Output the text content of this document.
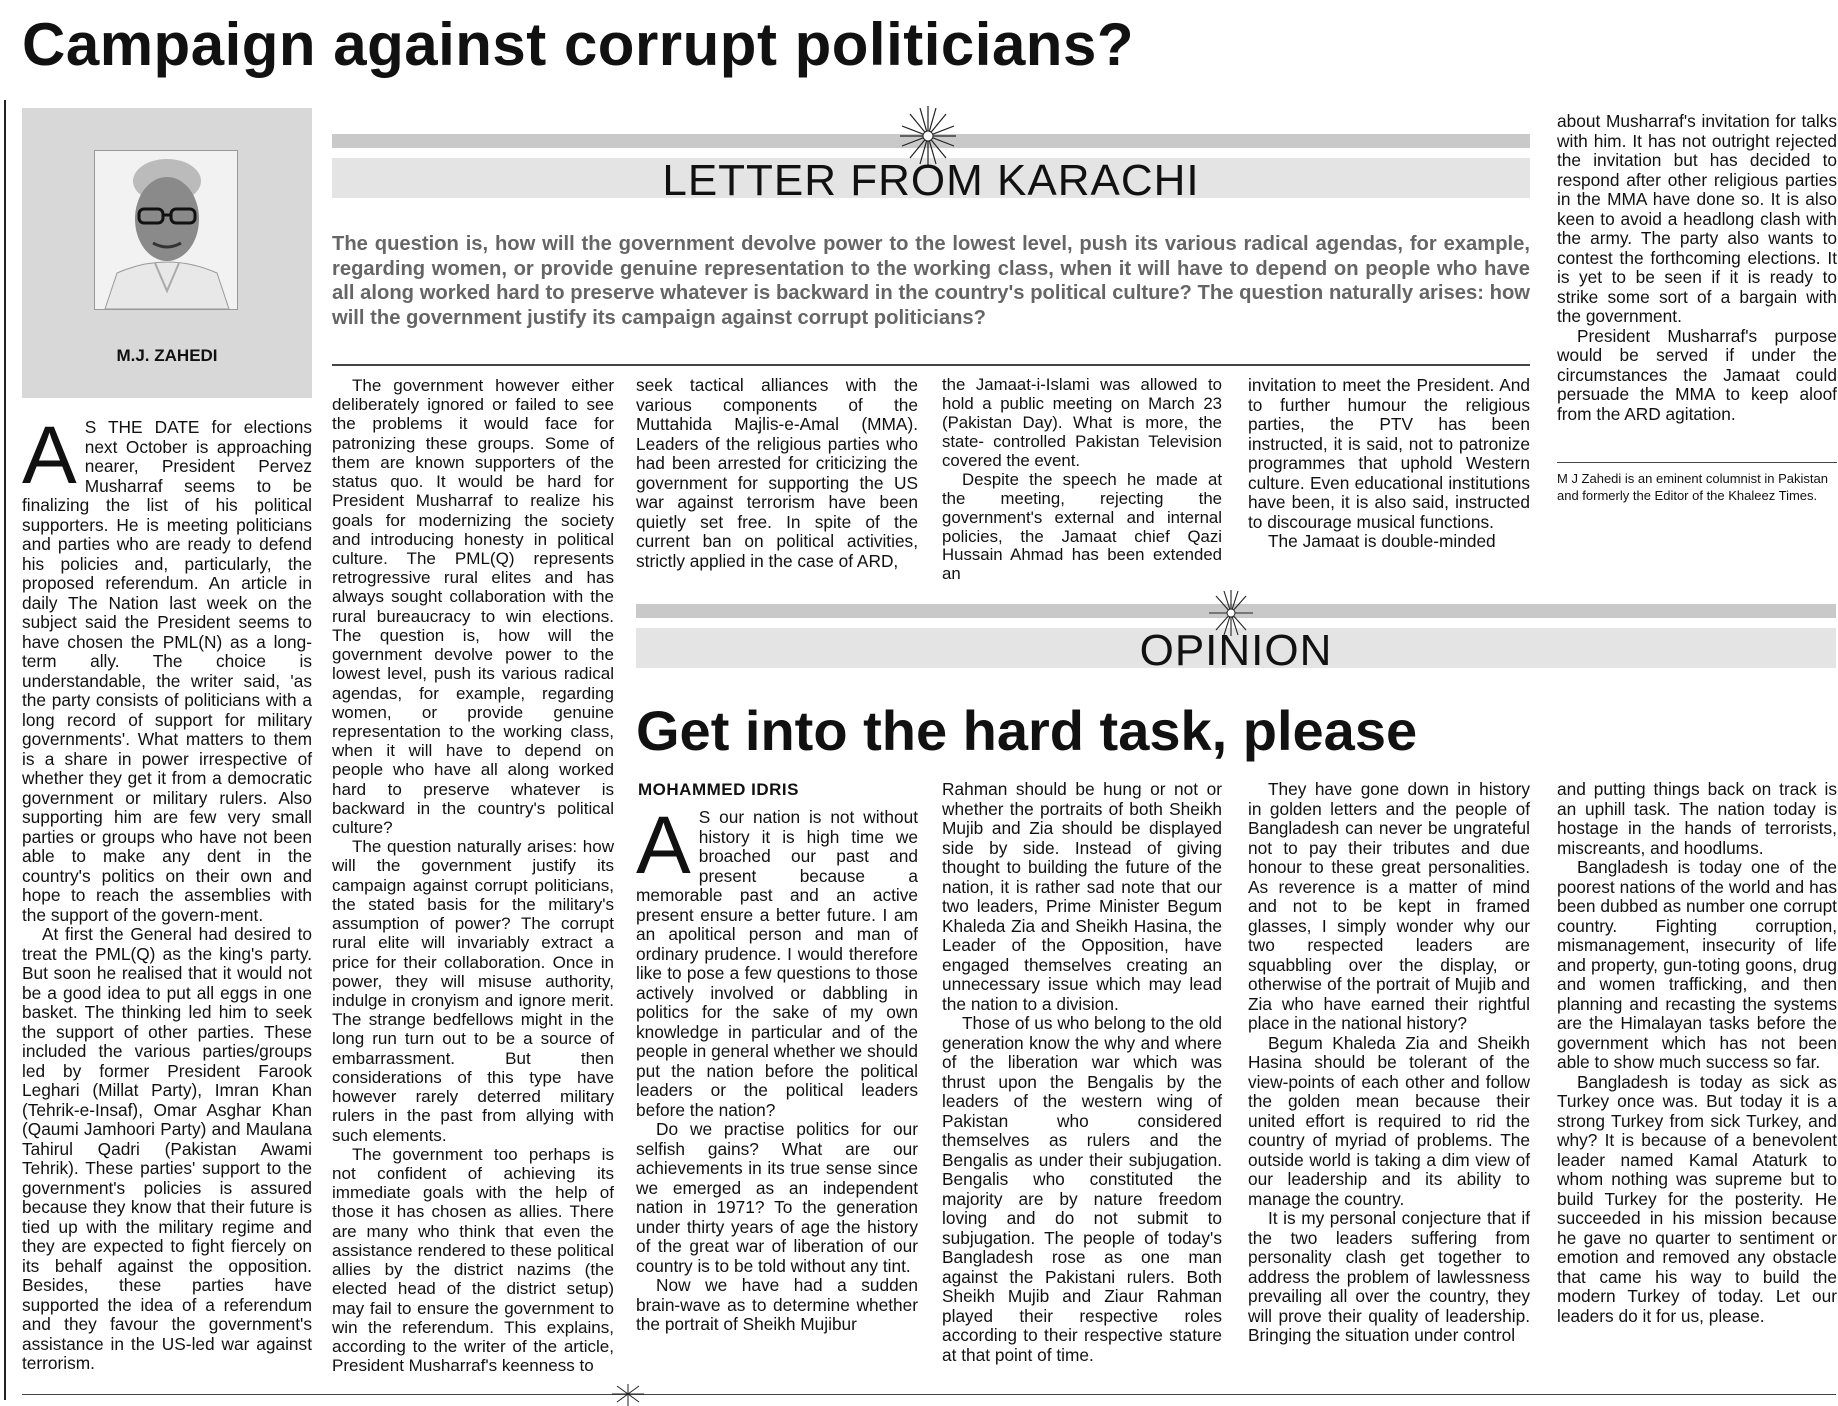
Campaign against corrupt politicians?
M.J. ZAHEDI
LETTER FROM KARACHI
The question is, how will the government devolve power to the lowest level, push its various radical agendas, for example, regarding women, or provide genuine representation to the working class, when it will have to depend on people who have all along worked hard to preserve whatever is backward in the country's political culture? The question naturally arises: how will the government justify its campaign against corrupt politicians?

A S THE DATE for elections next October is approaching nearer, President Pervez Musharraf seems to be finalizing the list of his political supporters. He is meeting politicians and parties who are ready to defend his policies and, particularly, the proposed referendum. An article in daily The Nation last week on the subject said the President seems to have chosen the PML(N) as a long-term ally. The choice is understandable, the writer said, 'as the party consists of politicians with a long record of support for military governments'. What matters to them is a share in power irrespective of whether they get it from a democratic government or military rulers. Also supporting him are few very small parties or groups who have not been able to make any dent in the country's politics on their own and hope to reach the assemblies with the support of the govern-ment.

At first the General had desired to treat the PML(Q) as the king's party. But soon he realised that it would not be a good idea to put all eggs in one basket. The thinking led him to seek the support of other parties. These included the various parties/groups led by former President Farook Leghari (Millat Party), Imran Khan (Tehrik-e-Insaf), Omar Asghar Khan (Qaumi Jamhoori Party) and Maulana Tahirul Qadri (Pakistan Awami Tehrik). These parties' support to the government's policies is assured because they know that their future is tied up with the military regime and they are expected to fight fiercely on its behalf against the opposition. Besides, these parties have supported the idea of a referendum and they favour the government's assistance in the US-led war against terrorism.

The government however either deliberately ignored or failed to see the problems it would face for patronizing these groups. Some of them are known supporters of the status quo. It would be hard for President Musharraf to realize his goals for modernizing the society and introducing honesty in political culture. The PML(Q) represents retrogressive rural elites and has always sought collaboration with the rural bureaucracy to win elections. The question is, how will the government devolve power to the lowest level, push its various radical agendas, for example, regarding women, or provide genuine representation to the working class, when it will have to depend on people who have all along worked hard to preserve whatever is backward in the country's political culture?

The question naturally arises: how will the government justify its campaign against corrupt politicians, the stated basis for the military's assumption of power? The corrupt rural elite will invariably extract a price for their collaboration. Once in power, they will misuse authority, indulge in cronyism and ignore merit. The strange bedfellows might in the long run turn out to be a source of embarrassment. But then considerations of this type have however rarely deterred military rulers in the past from allying with such elements.

The government too perhaps is not confident of achieving its immediate goals with the help of those it has chosen as allies. There are many who think that even the assistance rendered to these political allies by the district nazims (the elected head of the district setup) may fail to ensure the government to win the referendum. This explains, according to the writer of the article, President Musharraf's keenness to

seek tactical alliances with the various components of the Muttahida Majlis-e-Amal (MMA). Leaders of the religious parties who had been arrested for criticizing the government for supporting the US war against terrorism have been quietly set free. In spite of the current ban on political activities, strictly applied in the case of ARD,

the Jamaat-i-Islami was allowed to hold a public meeting on March 23 (Pakistan Day). What is more, the state- controlled Pakistan Television covered the event.

Despite the speech he made at the meeting, rejecting the government's external and internal policies, the Jamaat chief Qazi Hussain Ahmad has been extended an

invitation to meet the President. And to further humour the religious parties, the PTV has been instructed, it is said, not to patronize programmes that uphold Western culture. Even educational institutions have been, it is also said, instructed to discourage musical functions.

The Jamaat is double-minded

about Musharraf's invitation for talks with him. It has not outright rejected the invitation but has decided to respond after other religious parties in the MMA have done so. It is also keen to avoid a headlong clash with the army. The party also wants to contest the forthcoming elections. It is yet to be seen if it is ready to strike some sort of a bargain with the government.

President Musharraf's purpose would be served if under the circumstances the Jamaat could persuade the MMA to keep aloof from the ARD agitation.

M J Zahedi is an eminent columnist in Pakistan and formerly the Editor of the Khaleez Times.
OPINION
Get into the hard task, please
MOHAMMED IDRIS

A S our nation is not without history it is high time we broached our past and present because a memorable past and an active present ensure a better future. I am an apolitical person and man of ordinary prudence. I would therefore like to pose a few questions to those actively involved or dabbling in politics for the sake of my own knowledge in particular and of the people in general whether we should put the nation before the political leaders or the political leaders before the nation?

Do we practise politics for our selfish gains? What are our achievements in its true sense since we emerged as an independent nation in 1971? To the generation under thirty years of age the history of the great war of liberation of our country is to be told without any tint.

Now we have had a sudden brain-wave as to determine whether the portrait of Sheikh Mujibur

Rahman should be hung or not or whether the portraits of both Sheikh Mujib and Zia should be displayed side by side. Instead of giving thought to building the future of the nation, it is rather sad note that our two leaders, Prime Minister Begum Khaleda Zia and Sheikh Hasina, the Leader of the Opposition, have engaged themselves creating an unnecessary issue which may lead the nation to a division.

Those of us who belong to the old generation know the why and where of the liberation war which was thrust upon the Bengalis by the leaders of the western wing of Pakistan who considered themselves as rulers and the Bengalis as under their subjugation. Bengalis who constituted the majority are by nature freedom loving and do not submit to subjugation. The people of today's Bangladesh rose as one man against the Pakistani rulers. Both Sheikh Mujib and Ziaur Rahman played their respective roles according to their respective stature at that point of time.

They have gone down in history in golden letters and the people of Bangladesh can never be ungrateful not to pay their tributes and due honour to these great personalities. As reverence is a matter of mind and not to be kept in framed glasses, I simply wonder why our two respected leaders are squabbling over the display, or otherwise of the portrait of Mujib and Zia who have earned their rightful place in the national history?

Begum Khaleda Zia and Sheikh Hasina should be tolerant of the view-points of each other and follow the golden mean because their united effort is required to rid the country of myriad of problems. The outside world is taking a dim view of our leadership and its ability to manage the country.

It is my personal conjecture that if the two leaders suffering from personality clash get together to address the problem of lawlessness prevailing all over the country, they will prove their quality of leadership. Bringing the situation under control

and putting things back on track is an uphill task. The nation today is hostage in the hands of terrorists, miscreants, and hoodlums.

Bangladesh is today one of the poorest nations of the world and has been dubbed as number one corrupt country. Fighting corruption, mismanagement, insecurity of life and property, gun-toting goons, drug and women trafficking, and then planning and recasting the systems are the Himalayan tasks before the government which has not been able to show much success so far.

Bangladesh is today as sick as Turkey once was. But today it is a strong Turkey from sick Turkey, and why? It is because of a benevolent leader named Kamal Ataturk to whom nothing was supreme but to build Turkey for the posterity. He succeeded in his mission because he gave no quarter to sentiment or emotion and removed any obstacle that came his way to build the modern Turkey of today. Let our leaders do it for us, please.
